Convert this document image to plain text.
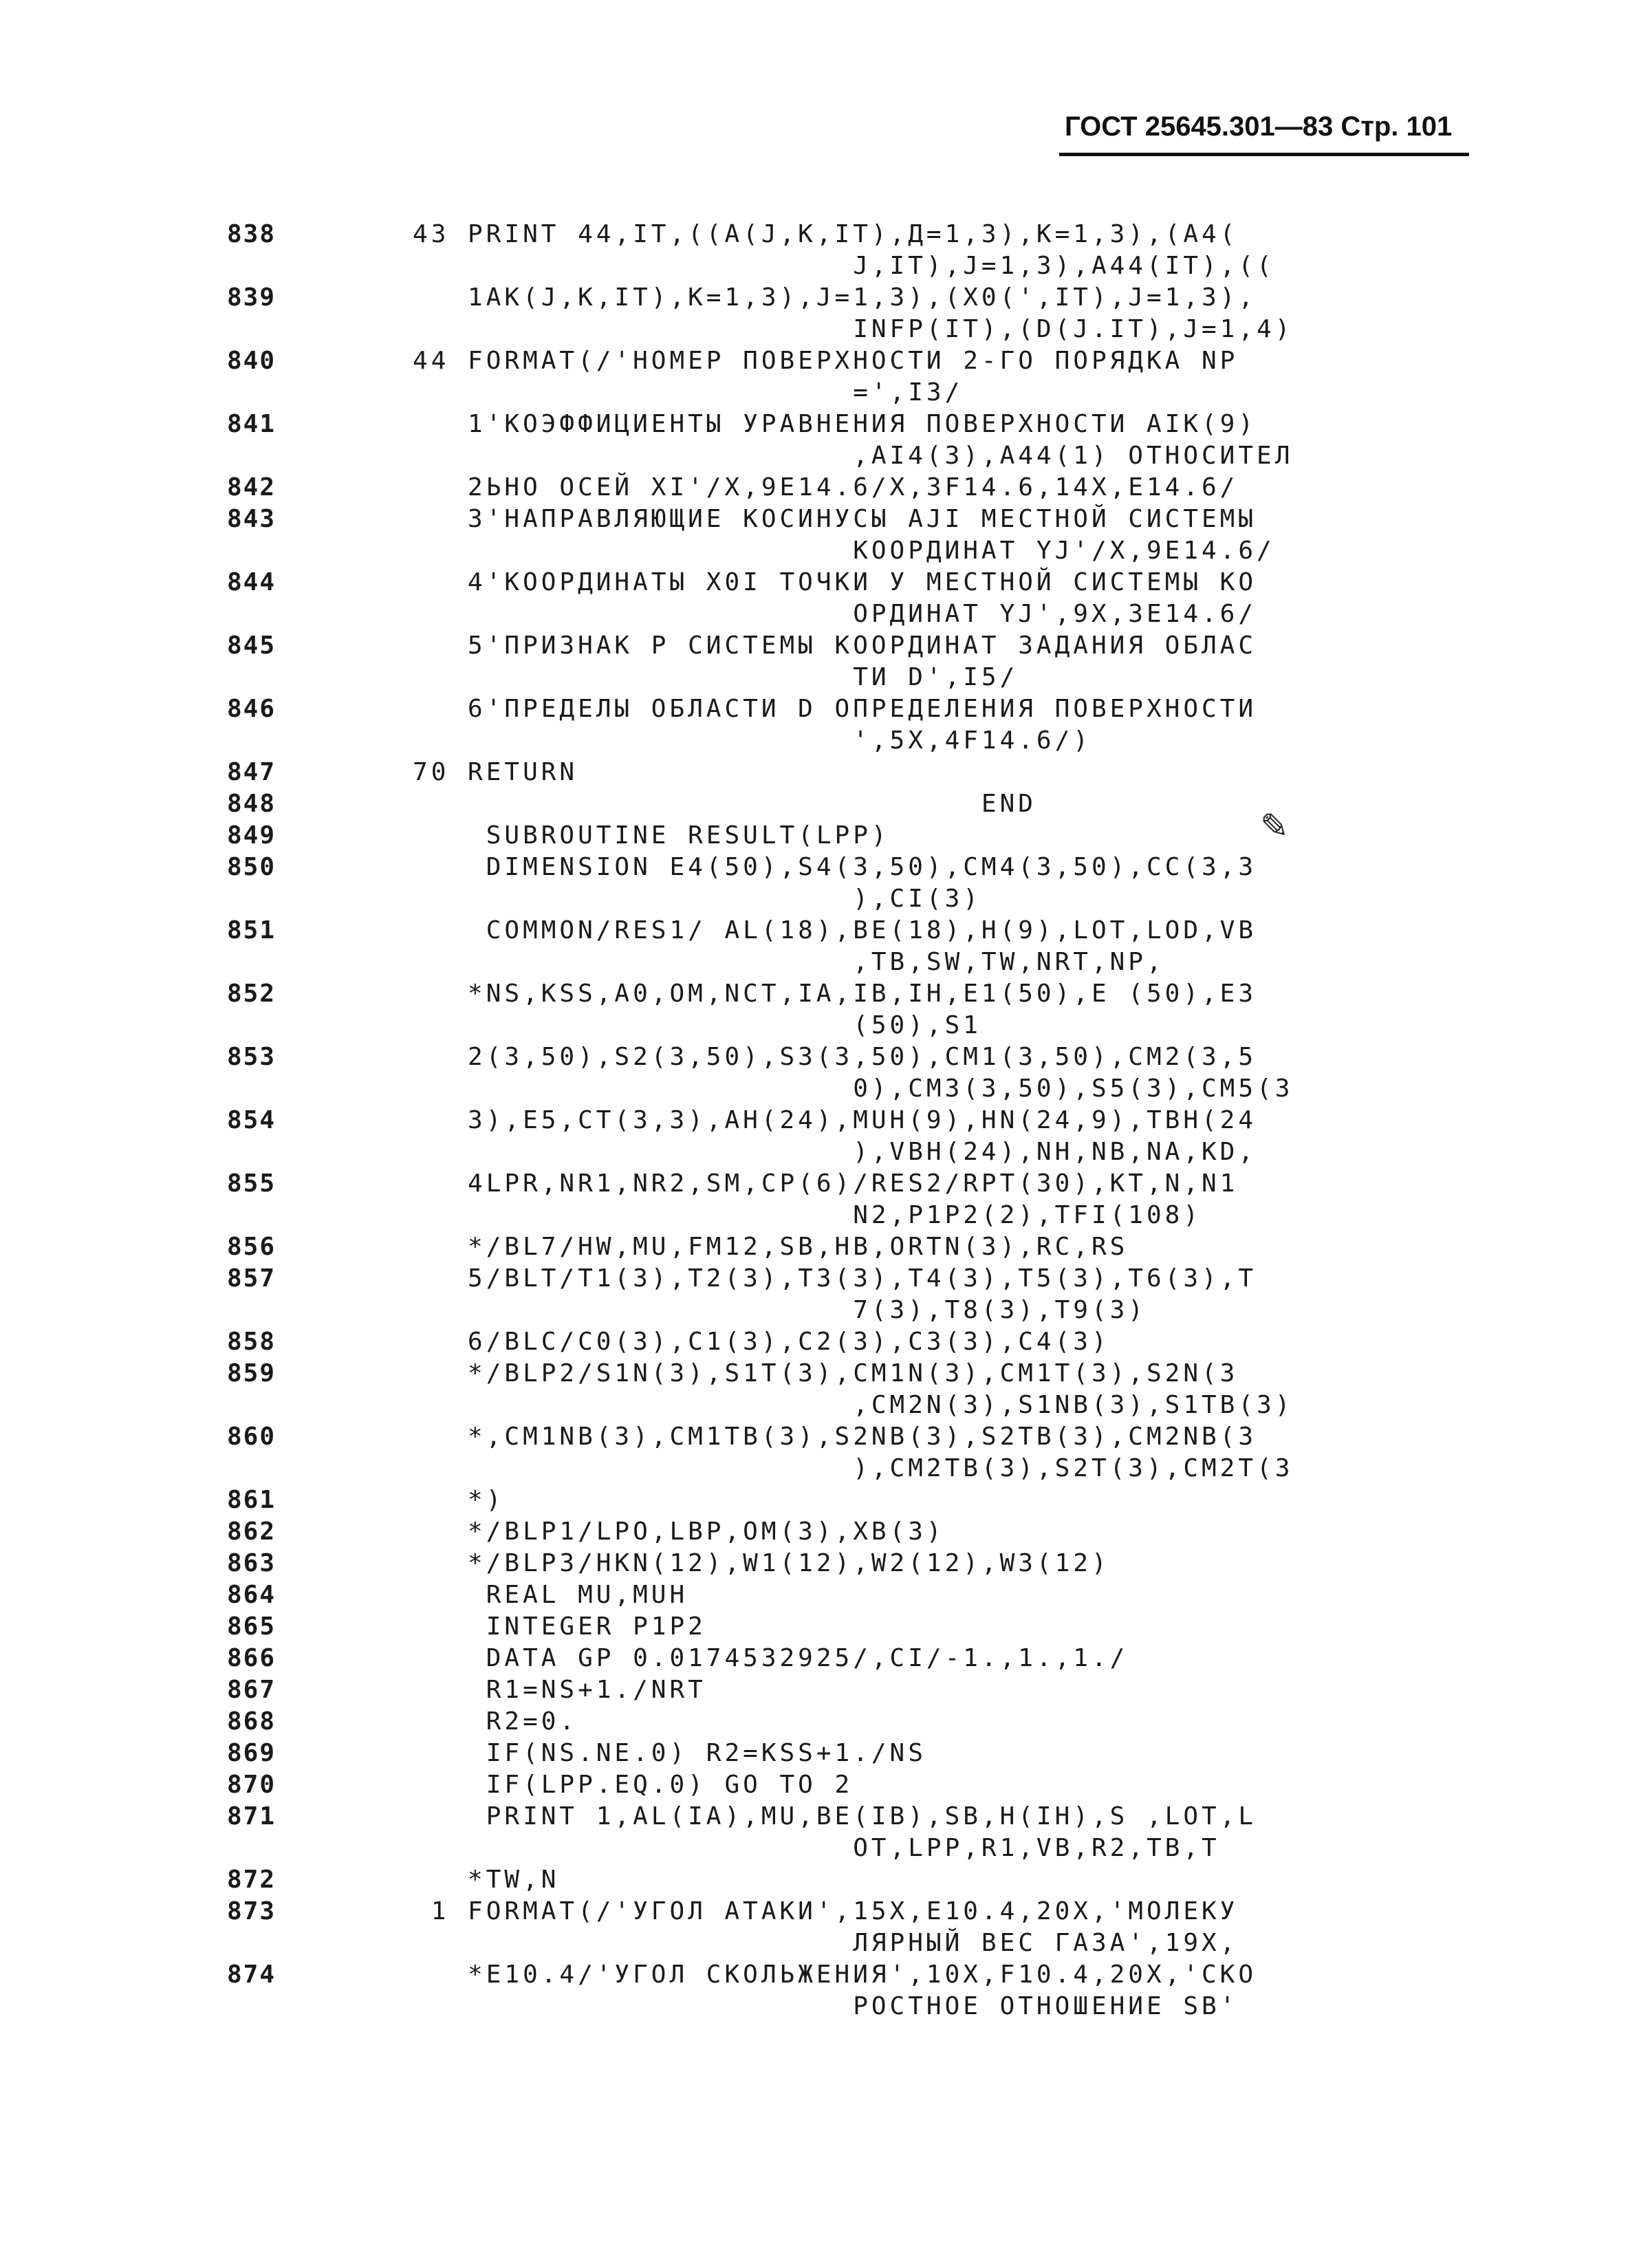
ГОСТ 25645.301—83 Стр. 101
✎
838	43 PRINT 44,IT,((A(J,K,IT),Д=1,3),K=1,3),(A4(
J,IT),J=1,3),A44(IT),((
839	1AK(J,K,IT),K=1,3),J=1,3),(X0(',IT),J=1,3),
INFP(IT),(D(J.IT),J=1,4)
840	44 FORMAT(/'НОМЕР ПОВЕРХНОСТИ 2-ГО ПОРЯДКА NP
=',I3/
841	1'КОЭФФИЦИЕНТЫ УРАВНЕНИЯ ПОВЕРХНОСТИ AIK(9)
,AI4(3),A44(1) ОТНОСИТЕЛ
842	2ЬНО ОСЕЙ XI'/X,9E14.6/X,3F14.6,14X,E14.6/
843	3'НАПРАВЛЯЮЩИЕ КОСИНУСЫ AJI МЕСТНОЙ СИСТЕМЫ
КООРДИНАТ YJ'/X,9E14.6/
844	4'КООРДИНАТЫ X0I ТОЧКИ У МЕСТНОЙ СИСТЕМЫ КО
ОРДИНАТ YJ',9X,3E14.6/
845	5'ПРИЗНАК Р СИСТЕМЫ КООРДИНАТ ЗАДАНИЯ ОБЛАС
ТИ D',I5/
846	6'ПРЕДЕЛЫ ОБЛАСТИ D ОПРЕДЕЛЕНИЯ ПОВЕРХНОСТИ
',5X,4F14.6/)
847	70 RETURN
848	END
849	SUBROUTINE RESULT(LPP)
850	DIMENSION E4(50),S4(3,50),CM4(3,50),CC(3,3
),CI(3)
851	COMMON/RES1/ AL(18),BE(18),H(9),LOT,LOD,VB
,TB,SW,TW,NRT,NP,
852	*NS,KSS,A0,OM,NCT,IA,IB,IH,E1(50),E (50),E3
(50),S1
853	2(3,50),S2(3,50),S3(3,50),CM1(3,50),CM2(3,5
0),CM3(3,50),S5(3),CM5(3
854	3),E5,CT(3,3),AH(24),MUH(9),HN(24,9),TBH(24
),VBH(24),NH,NB,NA,KD,
855	4LPR,NR1,NR2,SM,CP(6)/RES2/RPT(30),KT,N,N1
N2,P1P2(2),TFI(108)
856	*/BL7/HW,MU,FM12,SB,HB,ORTN(3),RC,RS
857	5/BLT/T1(3),T2(3),T3(3),T4(3),T5(3),T6(3),T
7(3),T8(3),T9(3)
858	6/BLC/C0(3),C1(3),C2(3),C3(3),C4(3)
859	*/BLP2/S1N(3),S1T(3),CM1N(3),CM1T(3),S2N(3
,CM2N(3),S1NB(3),S1TB(3)
860	*,CM1NB(3),CM1TB(3),S2NB(3),S2TB(3),CM2NB(3
),CM2TB(3),S2T(3),CM2T(3
861	*)
862	*/BLP1/LPO,LBP,OM(3),XB(3)
863	*/BLP3/HKN(12),W1(12),W2(12),W3(12)
864	REAL MU,MUH
865	INTEGER P1P2
866	DATA GP 0.0174532925/,CI/-1.,1.,1./
867	R1=NS+1./NRT
868	R2=0.
869	IF(NS.NE.0) R2=KSS+1./NS
870	IF(LPP.EQ.0) GO TO 2
871	PRINT 1,AL(IA),MU,BE(IB),SB,H(IH),S ,LOT,L
OT,LPP,R1,VB,R2,TB,T
872	*TW,N
873	1 FORMAT(/'УГОЛ АТАКИ',15X,E10.4,20X,'МОЛЕКУ
ЛЯРНЫЙ ВЕС ГАЗА',19X,
874	*E10.4/'УГОЛ СКОЛЬЖЕНИЯ',10X,F10.4,20X,'СКО
РОСТНОЕ ОТНОШЕНИЕ SB'
